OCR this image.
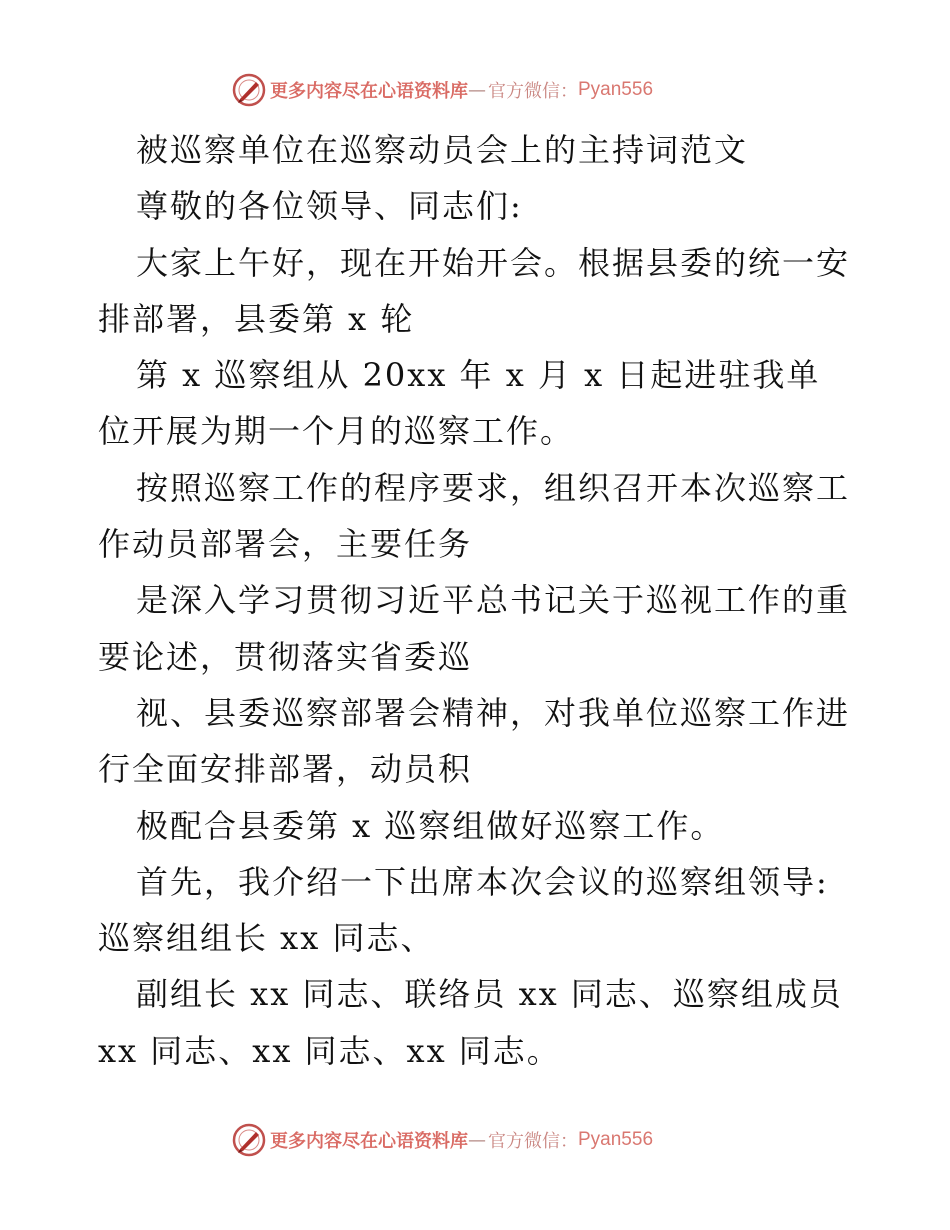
更多内容尽在心语资料库 — 官方微信： Pyan556
被巡察单位在巡察动员会上的主持词范文
尊敬的各位领导、同志们:
大家上午好，现在开始开会。根据县委的统一安
排部署，县委第 x 轮
第 x 巡察组从 20xx 年 x 月 x 日起进驻我单
位开展为期一个月的巡察工作。
按照巡察工作的程序要求，组织召开本次巡察工
作动员部署会，主要任务
是深入学习贯彻习近平总书记关于巡视工作的重
要论述，贯彻落实省委巡
视、县委巡察部署会精神，对我单位巡察工作进
行全面安排部署，动员积
极配合县委第 x 巡察组做好巡察工作。
首先，我介绍一下出席本次会议的巡察组领导:
巡察组组长 xx 同志、
副组长 xx 同志、联络员 xx 同志、巡察组成员
xx 同志、xx 同志、xx 同志。
更多内容尽在心语资料库 — 官方微信： Pyan556
